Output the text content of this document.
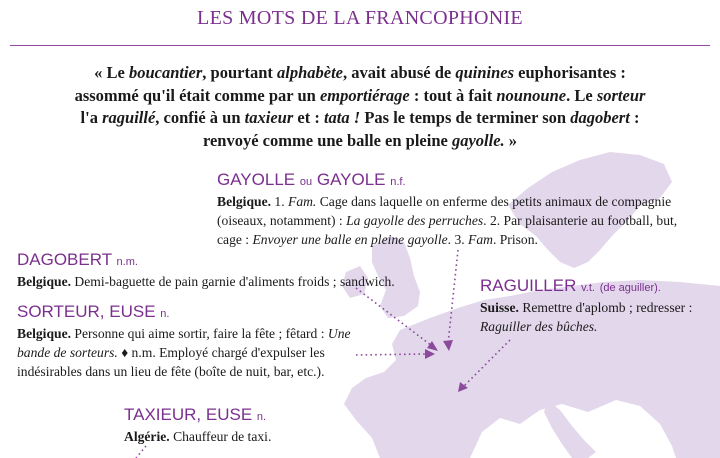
LES MOTS DE LA FRANCOPHONIE
« Le boucantier, pourtant alphabète, avait abusé de quinines euphorisantes :
assommé qu'il était comme par un emportiérage : tout à fait nounoune. Le sorteur
l'a raguillé, confié à un taxieur et : tata ! Pas le temps de terminer son dagobert :
renvoyé comme une balle en pleine gayolle. »
GAYOLLE ou GAYOLE n.f.
Belgique. 1. Fam. Cage dans laquelle on enferme des petits animaux de compagnie (oiseaux, notamment) : La gayolle des perruches. 2. Par plaisanterie au football, but, cage : Envoyer une balle en pleine gayolle. 3. Fam. Prison.
DAGOBERT n.m.
Belgique. Demi-baguette de pain garnie d'aliments froids ; sandwich.
SORTEUR, EUSE n.
Belgique. Personne qui aime sortir, faire la fête ; fêtard : Une bande de sorteurs. ♦ n.m. Employé chargé d'expulser les indésirables dans un lieu de fête (boîte de nuit, bar, etc.).
RAGUILLER v.t. (de aguiller).
Suisse. Remettre d'aplomb ; redresser : Raguiller des bûches.
TAXIEUR, EUSE n.
Algérie. Chauffeur de taxi.
